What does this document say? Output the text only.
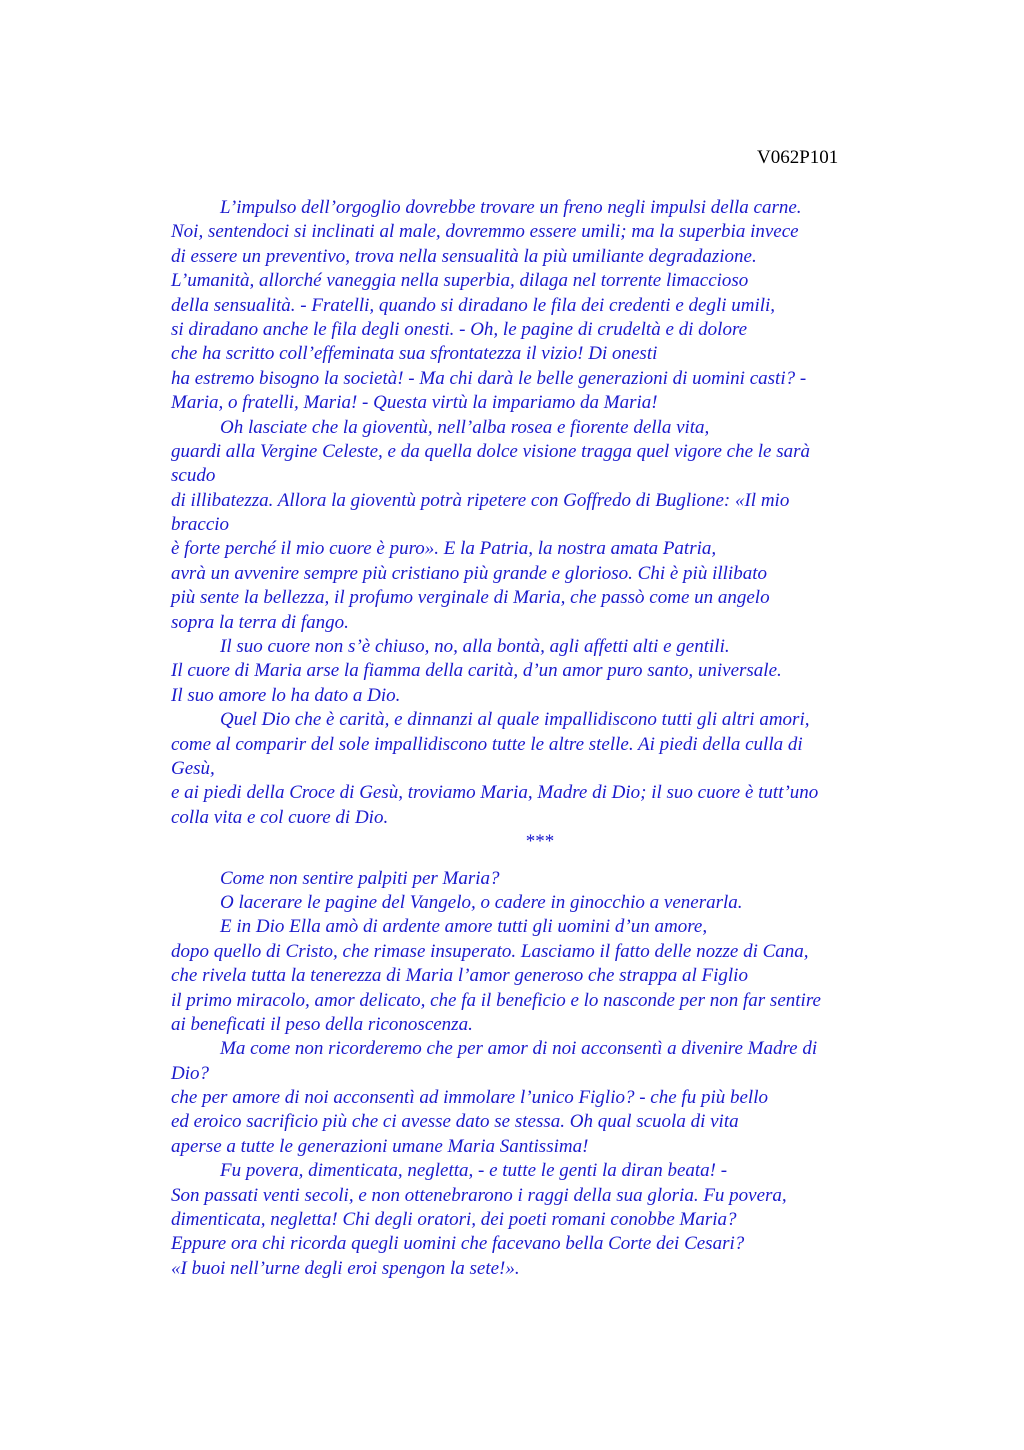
V062P101
L’impulso dell’orgoglio dovrebbe trovare un freno negli impulsi della carne.
Noi, sentendoci si inclinati al male, dovremmo essere umili; ma la superbia invece
di essere un preventivo, trova nella sensualità la più umiliante degradazione.
L’umanità, allorché vaneggia nella superbia, dilaga nel torrente limaccioso
della sensualità. - Fratelli, quando si diradano le fila dei credenti e degli umili,
si diradano anche le fila degli onesti. - Oh, le pagine di crudeltà e di dolore
che ha scritto coll’effeminata sua sfrontatezza il vizio! Di onesti
ha estremo bisogno la società! - Ma chi darà le belle generazioni di uomini casti? -
Maria, o fratelli, Maria! - Questa virtù la impariamo da Maria!
Oh lasciate che la gioventù, nell’alba rosea e fiorente della vita,
guardi alla Vergine Celeste, e da quella dolce visione tragga quel vigore che le sarà
scudo
di illibatezza. Allora la gioventù potrà ripetere con Goffredo di Buglione: «Il mio
braccio
è forte perché il mio cuore è puro». E la Patria, la nostra amata Patria,
avrà un avvenire sempre più cristiano più grande e glorioso. Chi è più illibato
più sente la bellezza, il profumo verginale di Maria, che passò come un angelo
sopra la terra di fango.
Il suo cuore non s’è chiuso, no, alla bontà, agli affetti alti e gentili.
Il cuore di Maria arse la fiamma della carità, d’un amor puro santo, universale.
Il suo amore lo ha dato a Dio.
Quel Dio che è carità, e dinnanzi al quale impallidiscono tutti gli altri amori,
come al comparir del sole impallidiscono tutte le altre stelle. Ai piedi della culla di
Gesù,
e ai piedi della Croce di Gesù, troviamo Maria, Madre di Dio; il suo cuore è tutt’uno
colla vita e col cuore di Dio.
***
Come non sentire palpiti per Maria?
O lacerare le pagine del Vangelo, o cadere in ginocchio a venerarla.
E in Dio Ella amò di ardente amore tutti gli uomini d’un amore,
dopo quello di Cristo, che rimase insuperato. Lasciamo il fatto delle nozze di Cana,
che rivela tutta la tenerezza di Maria l’amor generoso che strappa al Figlio
il primo miracolo, amor delicato, che fa il beneficio e lo nasconde per non far sentire
ai beneficati il peso della riconoscenza.
Ma come non ricorderemo che per amor di noi acconsentì a divenire Madre di
Dio?
che per amore di noi acconsentì ad immolare l’unico Figlio? - che fu più bello
ed eroico sacrificio più che ci avesse dato se stessa. Oh qual scuola di vita
aperse a tutte le generazioni umane Maria Santissima!
Fu povera, dimenticata, negletta, - e tutte le genti la diran beata! -
Son passati venti secoli, e non ottenebrarono i raggi della sua gloria. Fu povera,
dimenticata, negletta! Chi degli oratori, dei poeti romani conobbe Maria?
Eppure ora chi ricorda quegli uomini che facevano bella Corte dei Cesari?
«I buoi nell’urne degli eroi spengon la sete!».
